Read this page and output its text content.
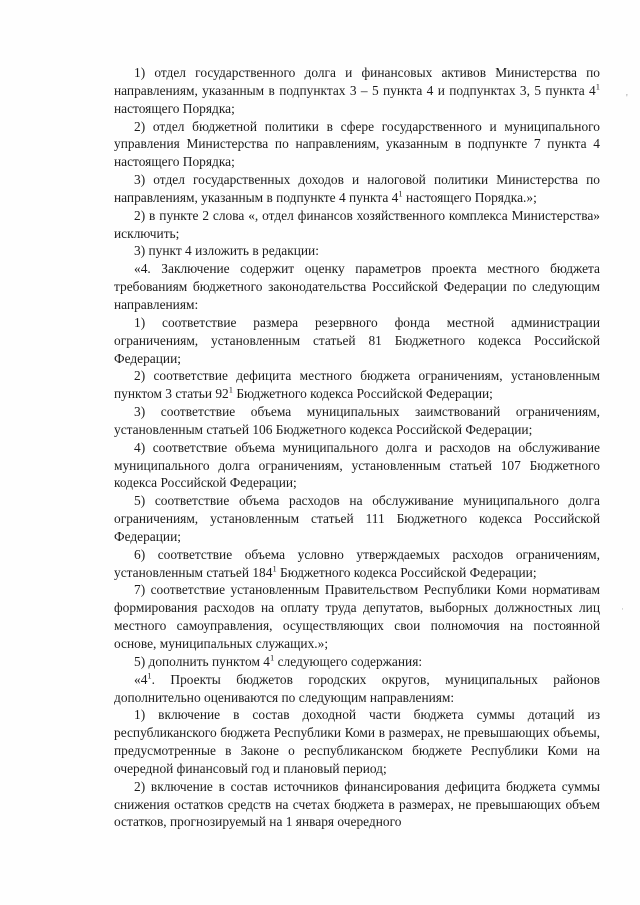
1) отдел государственного долга и финансовых активов Министерства по направлениям, указанным в подпунктах 3 – 5 пункта 4 и подпунктах 3, 5 пункта $4^1$ настоящего Порядка;

2) отдел бюджетной политики в сфере государственного и муниципального управления Министерства по направлениям, указанным в подпункте 7 пункта 4 настоящего Порядка;

3) отдел государственных доходов и налоговой политики Министерства по направлениям, указанным в подпункте 4 пункта $4^1$ настоящего Порядка.»;

2) в пункте 2 слова «, отдел финансов хозяйственного комплекса Министерства» исключить;

3) пункт 4 изложить в редакции:

«4. Заключение содержит оценку параметров проекта местного бюджета требованиям бюджетного законодательства Российской Федерации по следующим направлениям:

1) соответствие размера резервного фонда местной администрации ограничениям, установленным статьей 81 Бюджетного кодекса Российской Федерации;

2) соответствие дефицита местного бюджета ограничениям, установленным пунктом 3 статьи $92^1$ Бюджетного кодекса Российской Федерации;

3) соответствие объема муниципальных заимствований ограничениям, установленным статьей 106 Бюджетного кодекса Российской Федерации;

4) соответствие объема муниципального долга и расходов на обслуживание муниципального долга ограничениям, установленным статьей 107 Бюджетного кодекса Российской Федерации;

5) соответствие объема расходов на обслуживание муниципального долга ограничениям, установленным статьей 111 Бюджетного кодекса Российской Федерации;

6) соответствие объема условно утверждаемых расходов ограничениям, установленным статьей $184^1$ Бюджетного кодекса Российской Федерации;

7) соответствие установленным Правительством Республики Коми нормативам формирования расходов на оплату труда депутатов, выборных должностных лиц местного самоуправления, осуществляющих свои полномочия на постоянной основе, муниципальных служащих.»;

5) дополнить пунктом $4^1$ следующего содержания:

«$4^1$. Проекты бюджетов городских округов, муниципальных районов дополнительно оцениваются по следующим направлениям:

1) включение в состав доходной части бюджета суммы дотаций из республиканского бюджета Республики Коми в размерах, не превышающих объемы, предусмотренные в Законе о республиканском бюджете Республики Коми на очередной финансовый год и плановый период;

2) включение в состав источников финансирования дефицита бюджета суммы снижения остатков средств на счетах бюджета в размерах, не превышающих объем остатков, прогнозируемый на 1 января очередного

'
·
